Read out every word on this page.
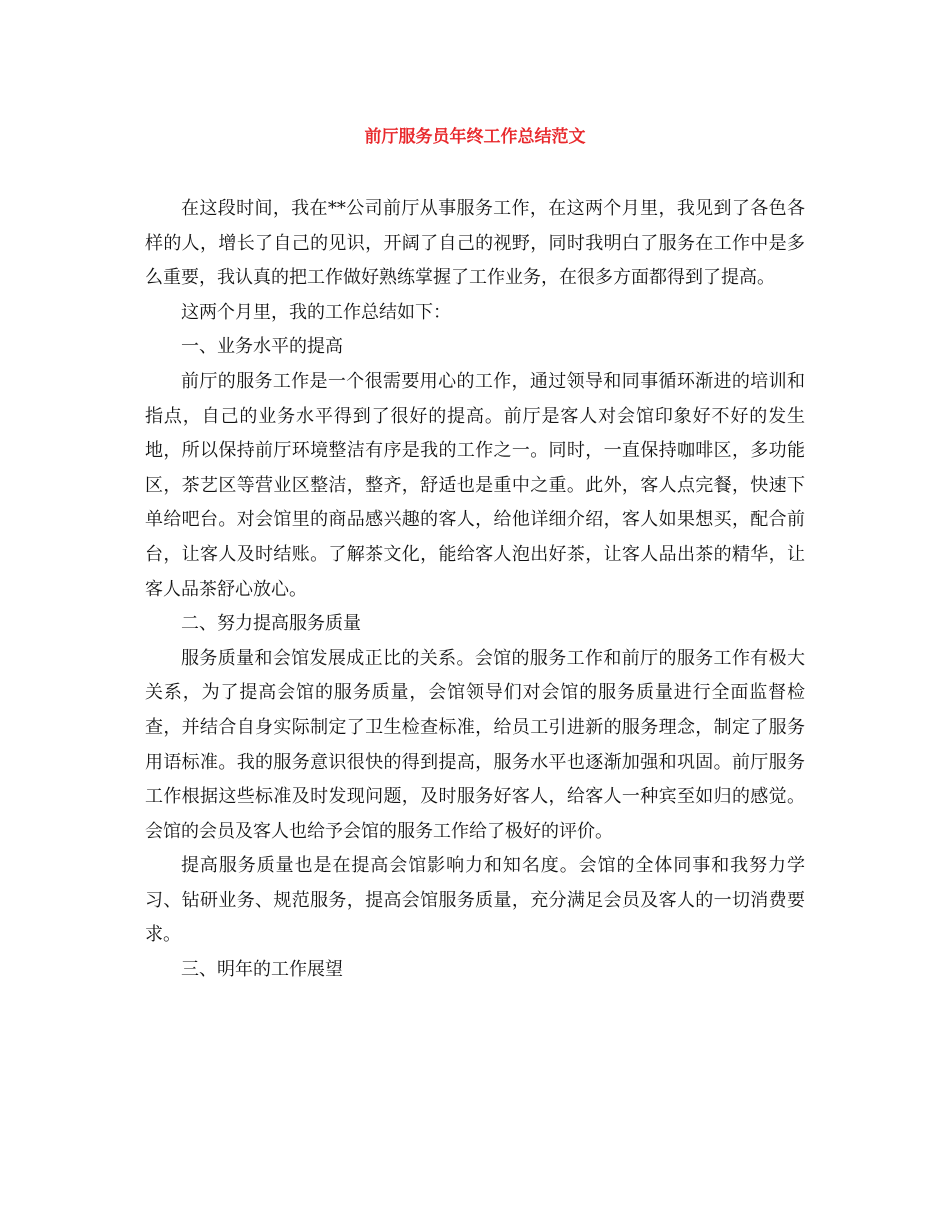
前厅服务员年终工作总结范文

在这段时间，我在**公司前厅从事服务工作，在这两个月里，我见到了各色各样的人，增长了自己的见识，开阔了自己的视野，同时我明白了服务在工作中是多么重要，我认真的把工作做好熟练掌握了工作业务，在很多方面都得到了提高。

这两个月里，我的工作总结如下：

一、业务水平的提高

前厅的服务工作是一个很需要用心的工作，通过领导和同事循环渐进的培训和指点，自己的业务水平得到了很好的提高。前厅是客人对会馆印象好不好的发生地，所以保持前厅环境整洁有序是我的工作之一。同时，一直保持咖啡区，多功能区，茶艺区等营业区整洁，整齐，舒适也是重中之重。此外，客人点完餐，快速下单给吧台。对会馆里的商品感兴趣的客人，给他详细介绍，客人如果想买，配合前台，让客人及时结账。了解茶文化，能给客人泡出好茶，让客人品出茶的精华，让客人品茶舒心放心。

二、努力提高服务质量

服务质量和会馆发展成正比的关系。会馆的服务工作和前厅的服务工作有极大关系，为了提高会馆的服务质量，会馆领导们对会馆的服务质量进行全面监督检查，并结合自身实际制定了卫生检查标准，给员工引进新的服务理念，制定了服务用语标准。我的服务意识很快的得到提高，服务水平也逐渐加强和巩固。前厅服务工作根据这些标准及时发现问题，及时服务好客人，给客人一种宾至如归的感觉。会馆的会员及客人也给予会馆的服务工作给了极好的评价。

提高服务质量也是在提高会馆影响力和知名度。会馆的全体同事和我努力学习、钻研业务、规范服务，提高会馆服务质量，充分满足会员及客人的一切消费要求。

三、明年的工作展望
